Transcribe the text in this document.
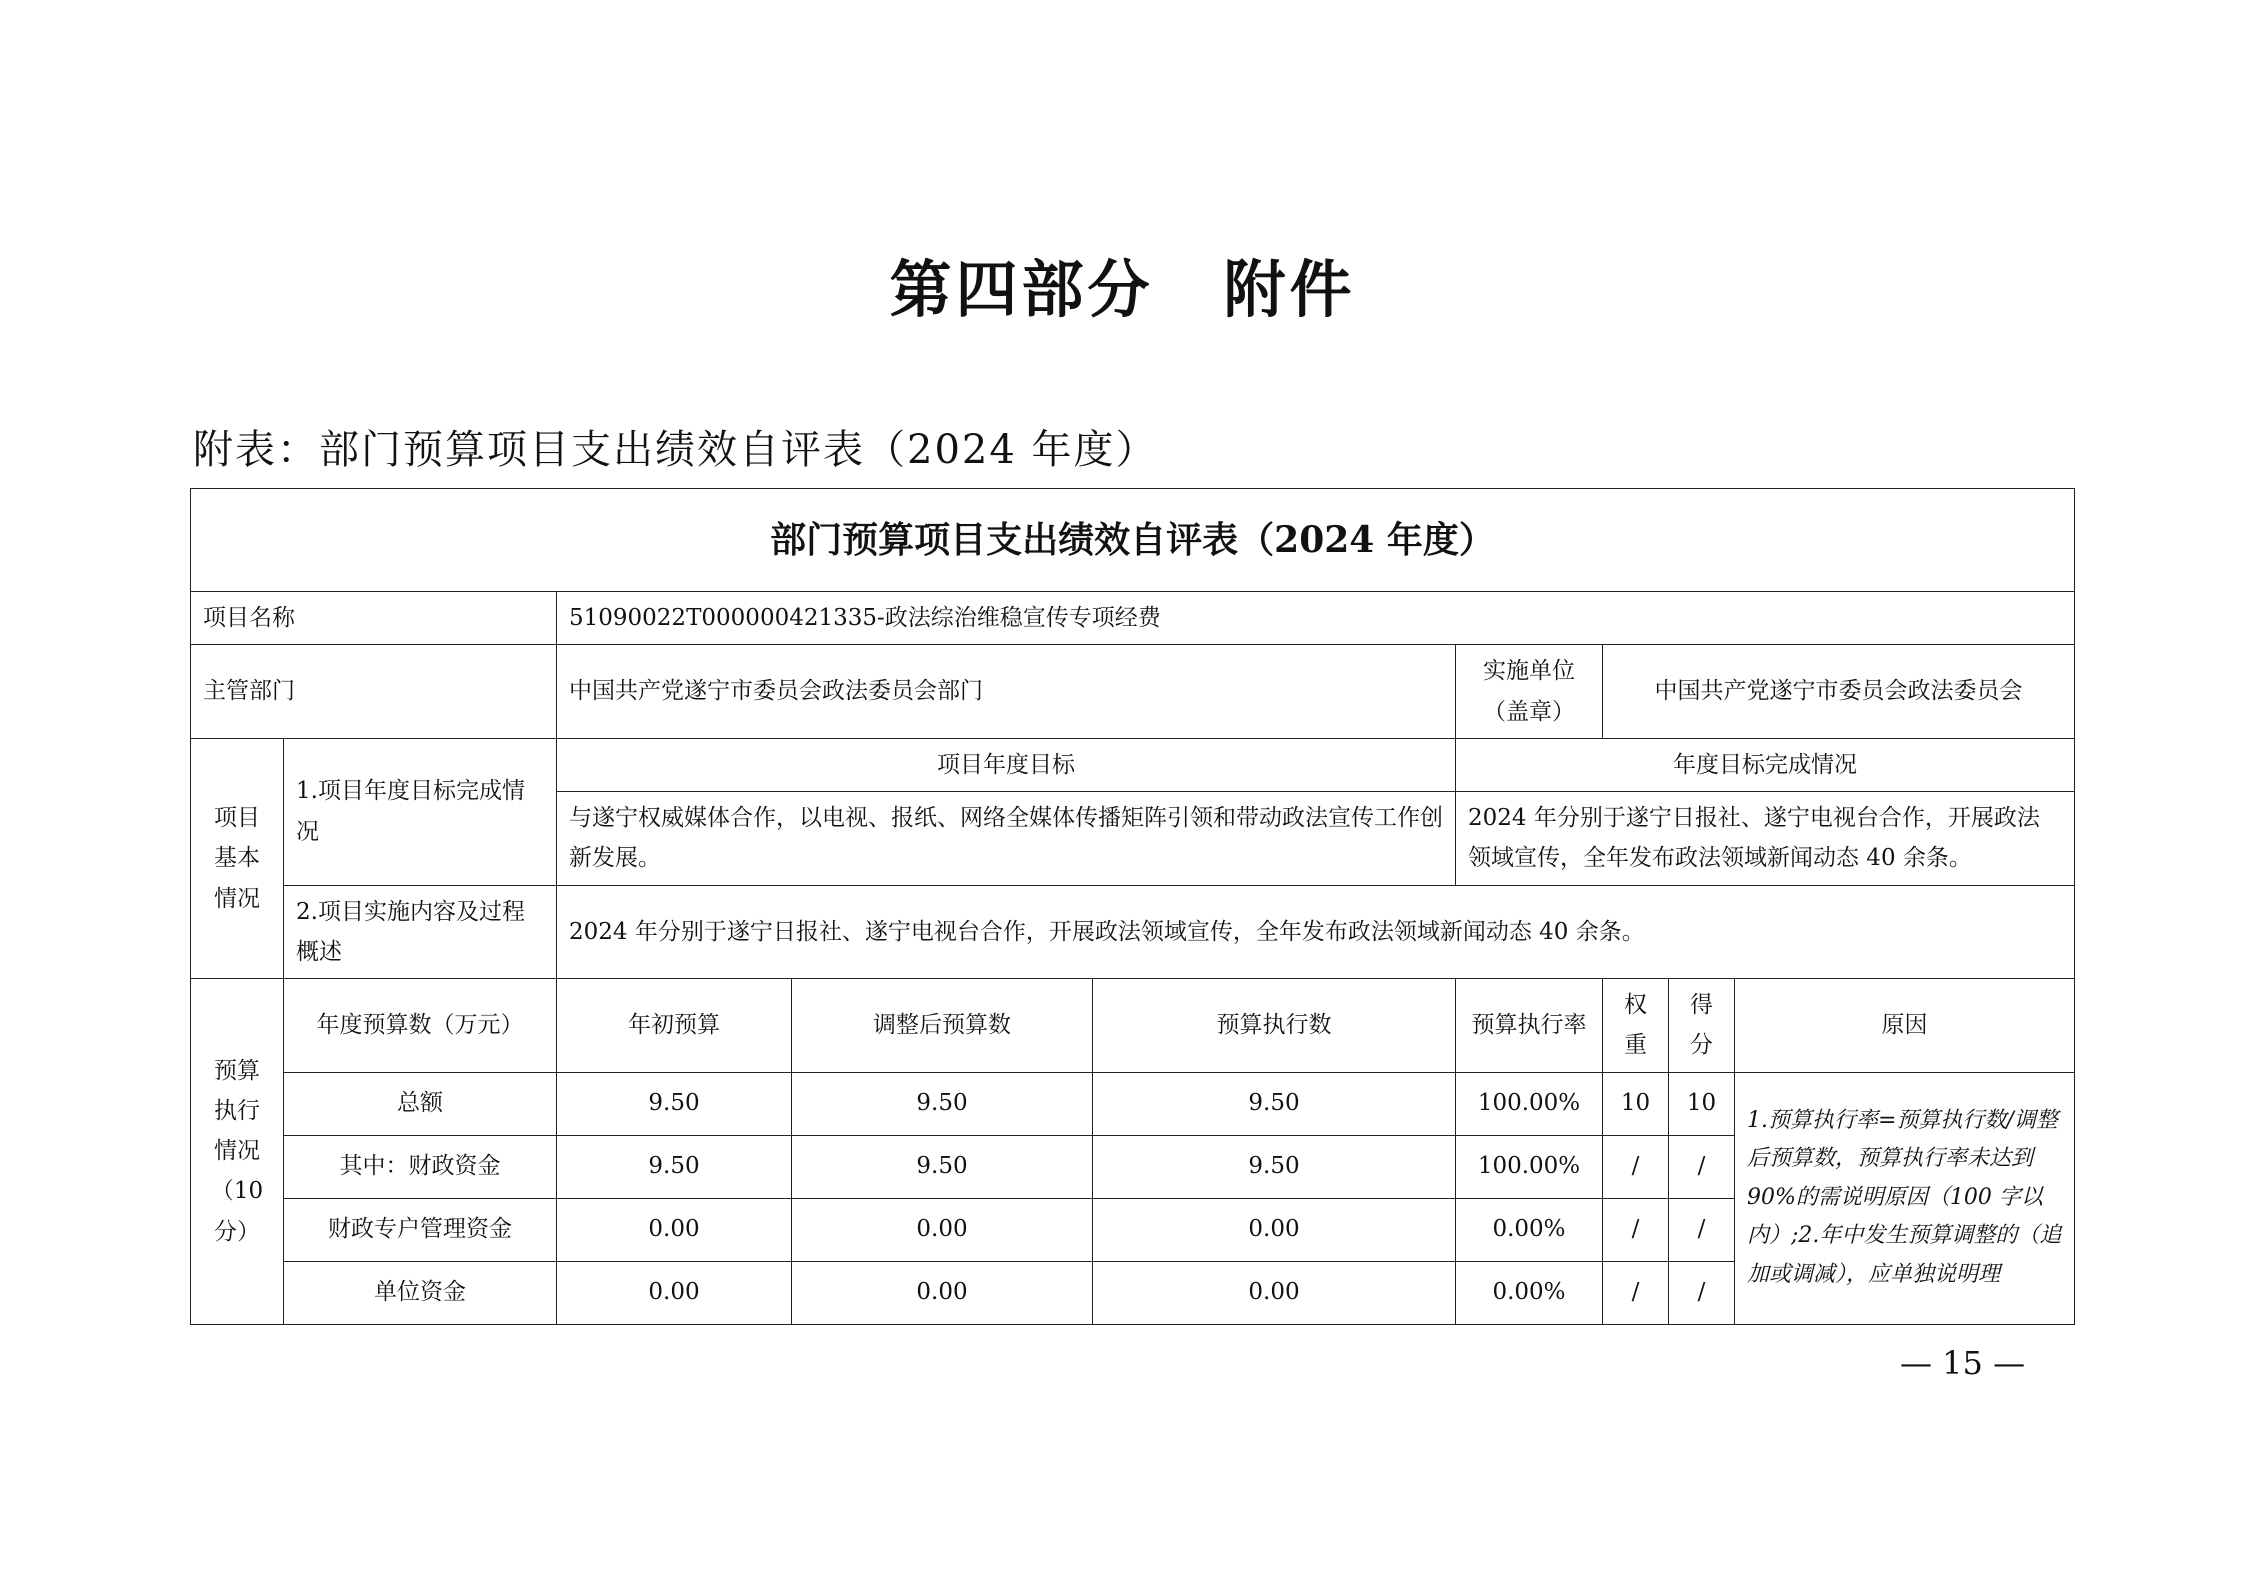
第四部分 附件
附表：部门预算项目支出绩效自评表（2024 年度）
部门预算项目支出绩效自评表（2024 年度）								
项目名称		51090022T000000421335-政法综治维稳宣传专项经费						
主管部门		中国共产党遂宁市委员会政法委员会部门			实施单位（盖章）	中国共产党遂宁市委员会政法委员会		
项目基本情况	1.项目年度目标完成情况	项目年度目标			年度目标完成情况			
		与遂宁权威媒体合作，以电视、报纸、网络全媒体传播矩阵引领和带动政法宣传工作创新发展。			2024 年分别于遂宁日报社、遂宁电视台合作，开展政法领域宣传，全年发布政法领域新闻动态 40 余条。			
	2.项目实施内容及过程概述	2024 年分别于遂宁日报社、遂宁电视台合作，开展政法领域宣传，全年发布政法领域新闻动态 40 余条。						
预算执行情况（10 分）	年度预算数（万元）	年初预算	调整后预算数	预算执行数	预算执行率	权重	得分	原因
	总额	9.50	9.50	9.50	100.00%	10	10	1.预算执行率=预算执行数/调整后预算数，预算执行率未达到90%的需说明原因（100 字以内）;2.年中发生预算调整的（追加或调减），应单独说明理
	其中：财政资金	9.50	9.50	9.50	100.00%	/	/	
	财政专户管理资金	0.00	0.00	0.00	0.00%	/	/	
	单位资金	0.00	0.00	0.00	0.00%	/	/	
— 15 —
